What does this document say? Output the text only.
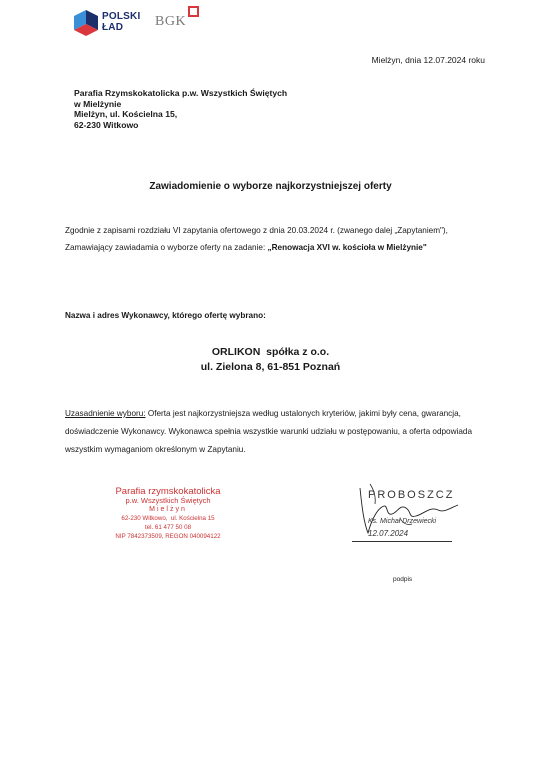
POLSKI
ŁAD	BGK
Mielżyn, dnia 12.07.2024 roku
Parafia Rzymskokatolicka p.w. Wszystkich Świętych
w Mielżynie
Mielżyn, ul. Kościelna 15,
62-230 Witkowo
Zawiadomienie o wyborze najkorzystniejszej oferty
Zgodnie z zapisami rozdziału VI zapytania ofertowego z dnia 20.03.2024 r. (zwanego dalej „Zapytaniem"), Zamawiający zawiadamia o wyborze oferty na zadanie: „Renowacja XVI w. kościoła w Mielżynie"
Nazwa i adres Wykonawcy, którego ofertę wybrano:
ORLIKON  spółka z o.o.
ul. Zielona 8, 61-851 Poznań
Uzasadnienie wyboru: Oferta jest najkorzystniejsza według ustalonych kryteriów, jakimi były cena, gwarancja, doświadczenie Wykonawcy. Wykonawca spełnia wszystkie warunki udziału w postępowaniu, a oferta odpowiada wszystkim wymaganiom określonym w Zapytaniu.
Parafia rzymskokatolicka
p.w. Wszystkich Świętych
Mielżyn
62-230 Witkowo,  ul. Kościelna 15
tel. 61 477 50 08
NIP 7842373509, REGON 040094122
PROBOSZCZ
Ks. Michał Drzewiecki
12.07.2024
podpis
